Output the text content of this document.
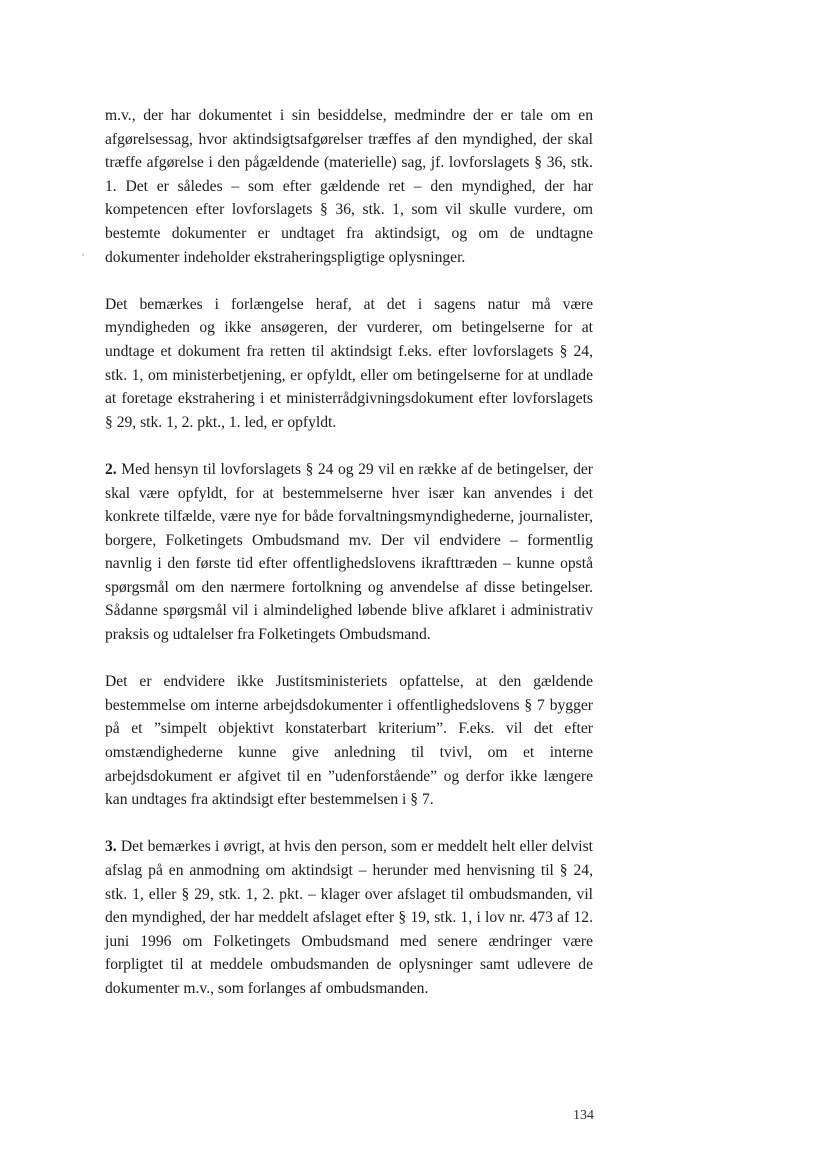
m.v., der har dokumentet i sin besiddelse, medmindre der er tale om en afgørelsessag, hvor aktindsigtsafgørelser træffes af den myndighed, der skal træffe afgørelse i den pågældende (materielle) sag, jf. lovforslagets § 36, stk. 1. Det er således – som efter gældende ret – den myndighed, der har kompetencen efter lovforslagets § 36, stk. 1, som vil skulle vurdere, om bestemte dokumenter er undtaget fra aktindsigt, og om de undtagne dokumenter indeholder ekstraheringspligtige oplysninger.

Det bemærkes i forlængelse heraf, at det i sagens natur må være myndigheden og ikke ansøgeren, der vurderer, om betingelserne for at undtage et dokument fra retten til aktindsigt f.eks. efter lovforslagets § 24, stk. 1, om ministerbetjening, er opfyldt, eller om betingelserne for at undlade at foretage ekstrahering i et ministerrådgivningsdokument efter lovforslagets § 29, stk. 1, 2. pkt., 1. led, er opfyldt.

2. Med hensyn til lovforslagets § 24 og 29 vil en række af de betingelser, der skal være opfyldt, for at bestemmelserne hver især kan anvendes i det konkrete tilfælde, være nye for både forvaltningsmyndighederne, journalister, borgere, Folketingets Ombudsmand mv. Der vil endvidere – formentlig navnlig i den første tid efter offentlighedslovens ikrafttræden – kunne opstå spørgsmål om den nærmere fortolkning og anvendelse af disse betingelser. Sådanne spørgsmål vil i almindelighed løbende blive afklaret i administrativ praksis og udtalelser fra Folketingets Ombudsmand.

Det er endvidere ikke Justitsministeriets opfattelse, at den gældende bestemmelse om interne arbejdsdokumenter i offentlighedslovens § 7 bygger på et ”simpelt objektivt konstaterbart kriterium”. F.eks. vil det efter omstændighederne kunne give anledning til tvivl, om et interne arbejdsdokument er afgivet til en ”udenforstående” og derfor ikke længere kan undtages fra aktindsigt efter bestemmelsen i § 7.

3. Det bemærkes i øvrigt, at hvis den person, som er meddelt helt eller delvist afslag på en anmodning om aktindsigt – herunder med henvisning til § 24, stk. 1, eller § 29, stk. 1, 2. pkt. – klager over afslaget til ombudsmanden, vil den myndighed, der har meddelt afslaget efter § 19, stk. 1, i lov nr. 473 af 12. juni 1996 om Folketingets Ombudsmand med senere ændringer være forpligtet til at meddele ombudsmanden de oplysninger samt udlevere de dokumenter m.v., som forlanges af ombudsmanden.

134
